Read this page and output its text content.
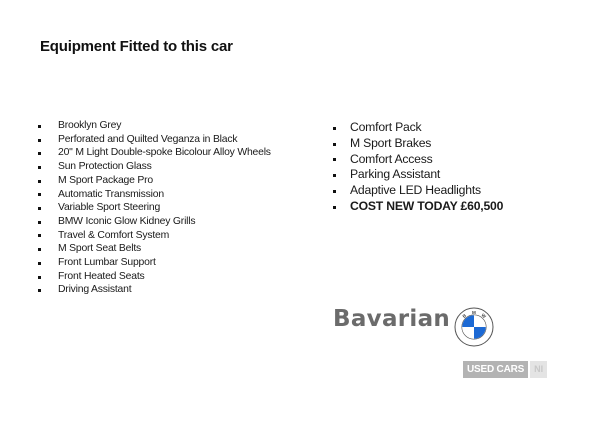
Equipment Fitted to this car
Brooklyn Grey
Perforated and Quilted Veganza in Black
20" M Light Double-spoke Bicolour Alloy Wheels
Sun Protection Glass
M Sport Package Pro
Automatic Transmission
Variable Sport Steering
BMW Iconic Glow Kidney Grills
Travel & Comfort System
M Sport Seat Belts
Front Lumbar Support
Front Heated Seats
Driving Assistant
Comfort Pack
M Sport Brakes
Comfort Access
Parking Assistant
Adaptive LED Headlights
COST NEW TODAY £60,500
Bavarian	B
M
W
USED CARS	NI
